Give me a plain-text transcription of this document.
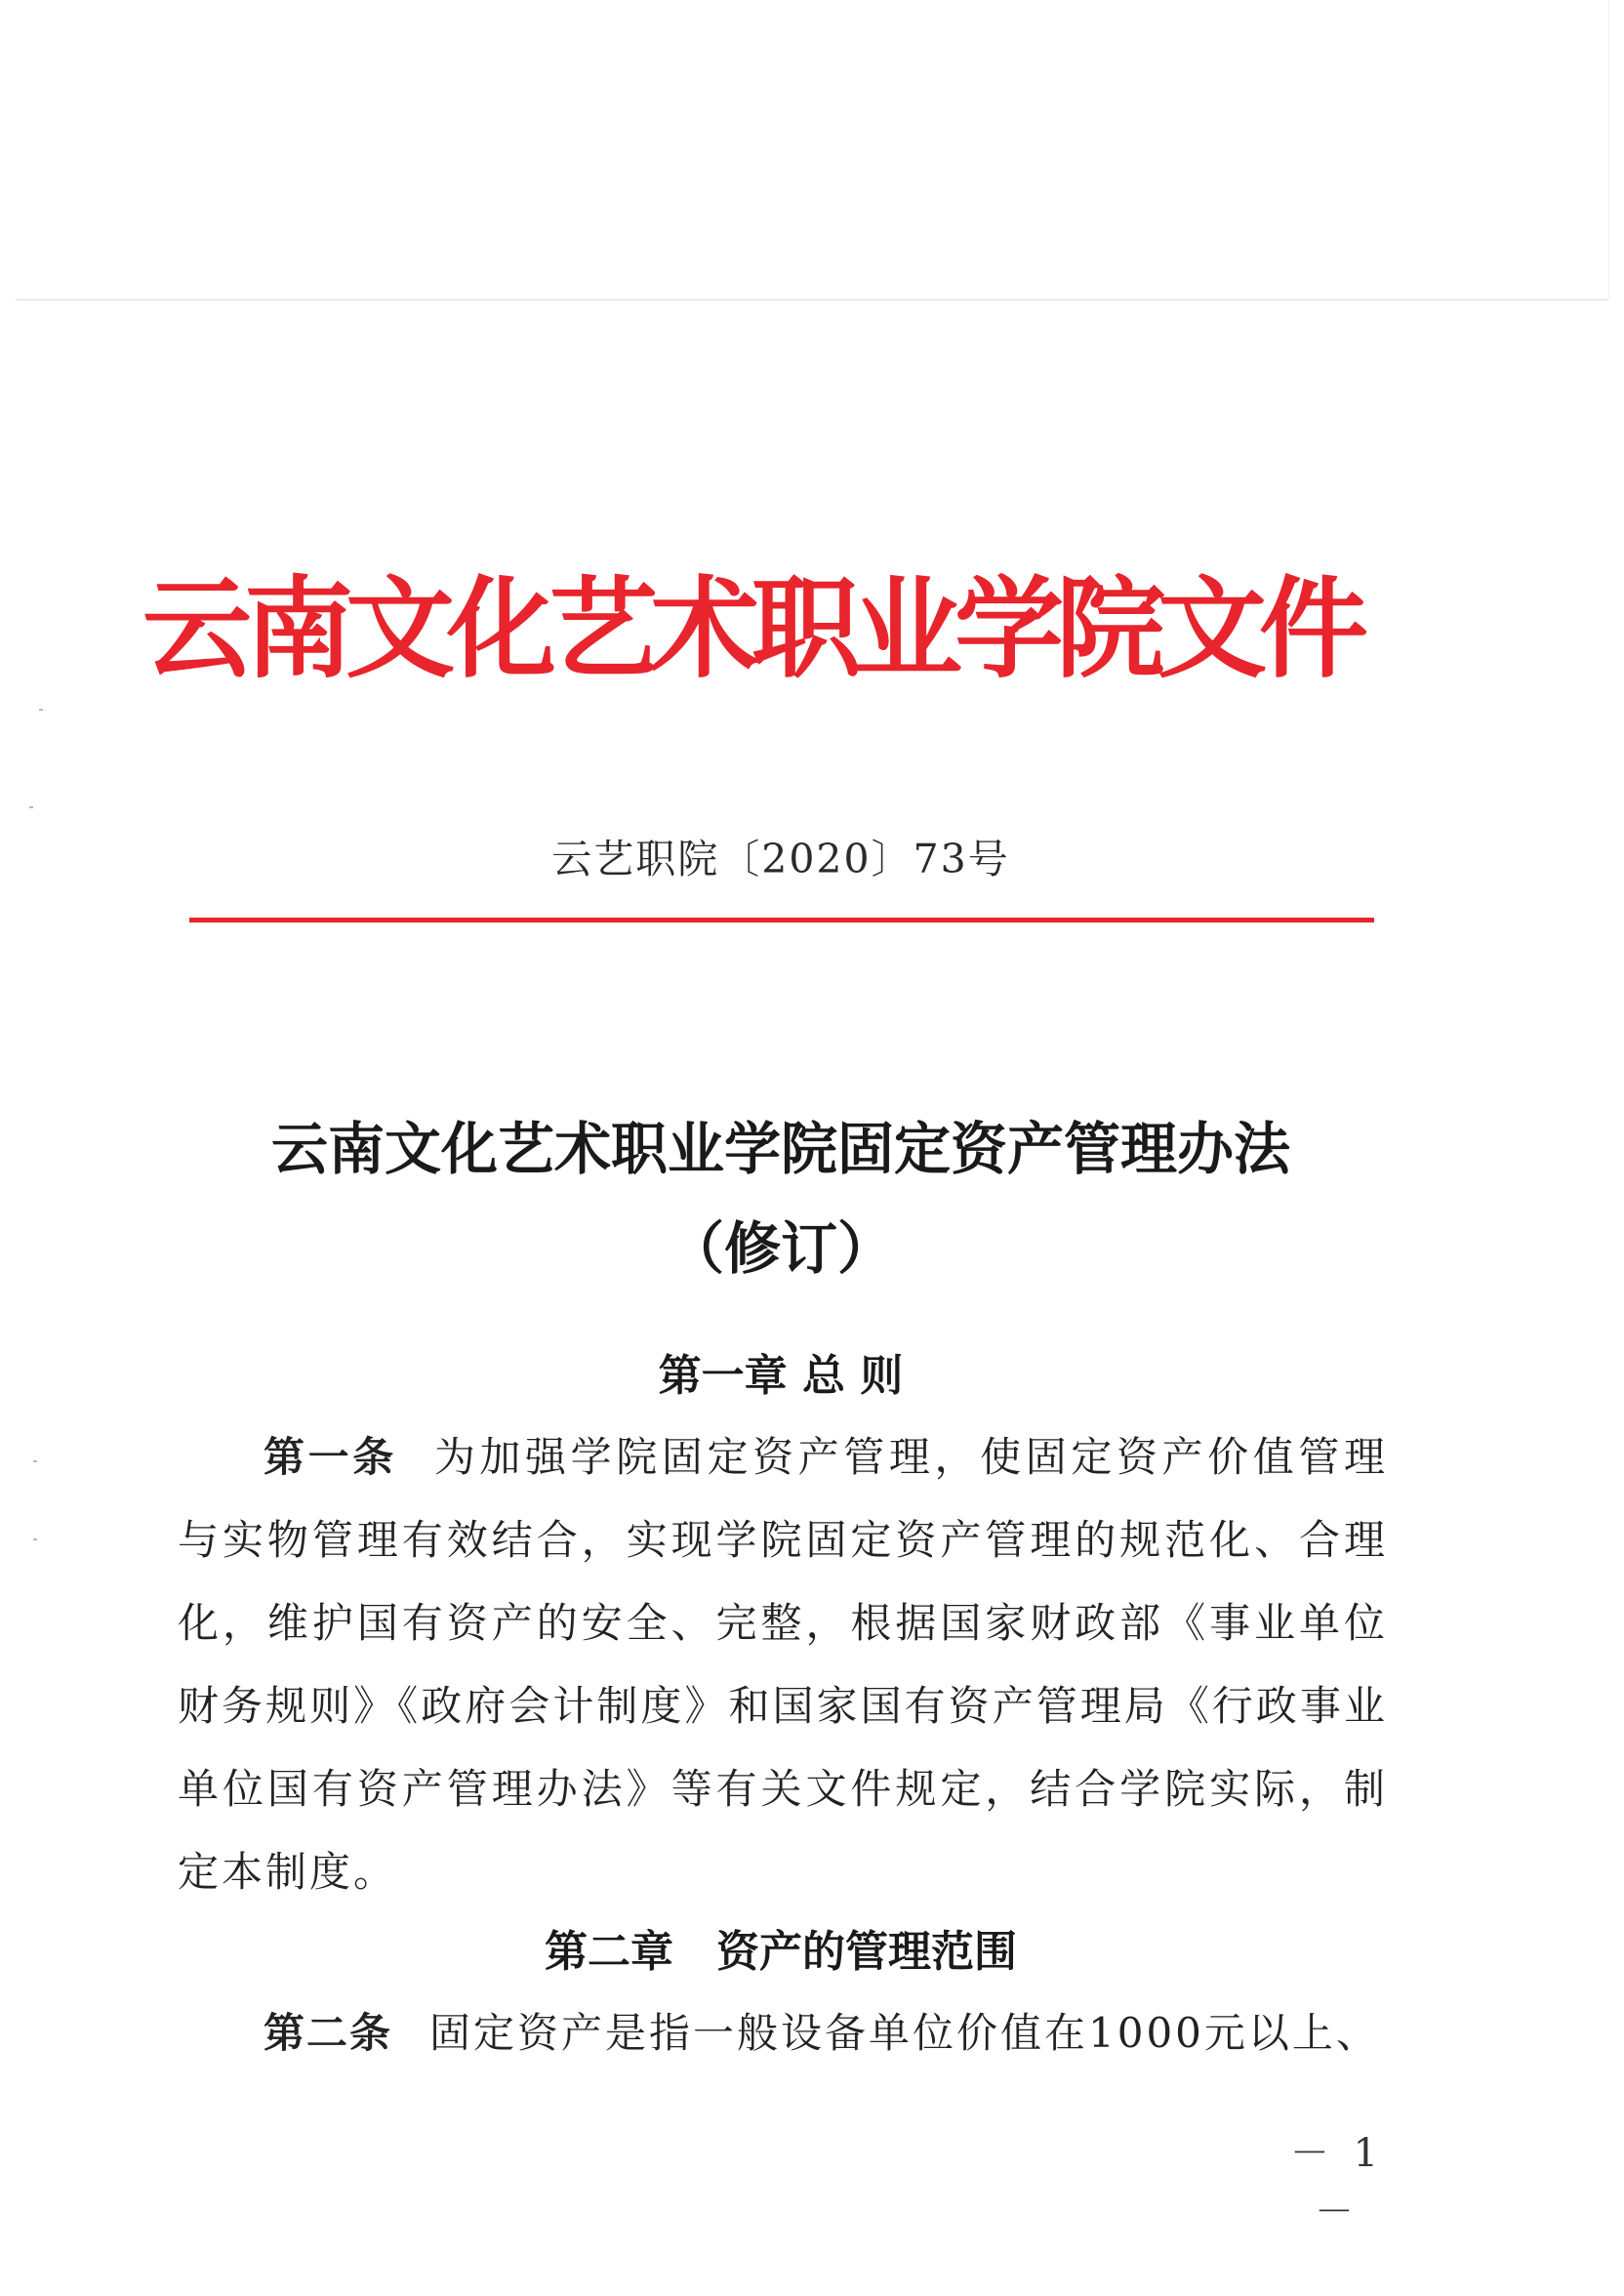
云南文化艺术职业学院文件
云艺职院〔2020〕73号
云南文化艺术职业学院固定资产管理办法
（修订）
第一章 总 则
第一条 为加强学院固定资产管理，使固定资产价值管理与实物管理有效结合，实现学院固定资产管理的规范化、合理化，维护国有资产的安全、完整，根据国家财政部《事业单位财务规则》《政府会计制度》和国家国有资产管理局《行政事业单位国有资产管理办法》等有关文件规定，结合学院实际，制定本制度。
第二章　资产的管理范围
第二条 固定资产是指一般设备单位价值在1000元以上、
－ 1 －
